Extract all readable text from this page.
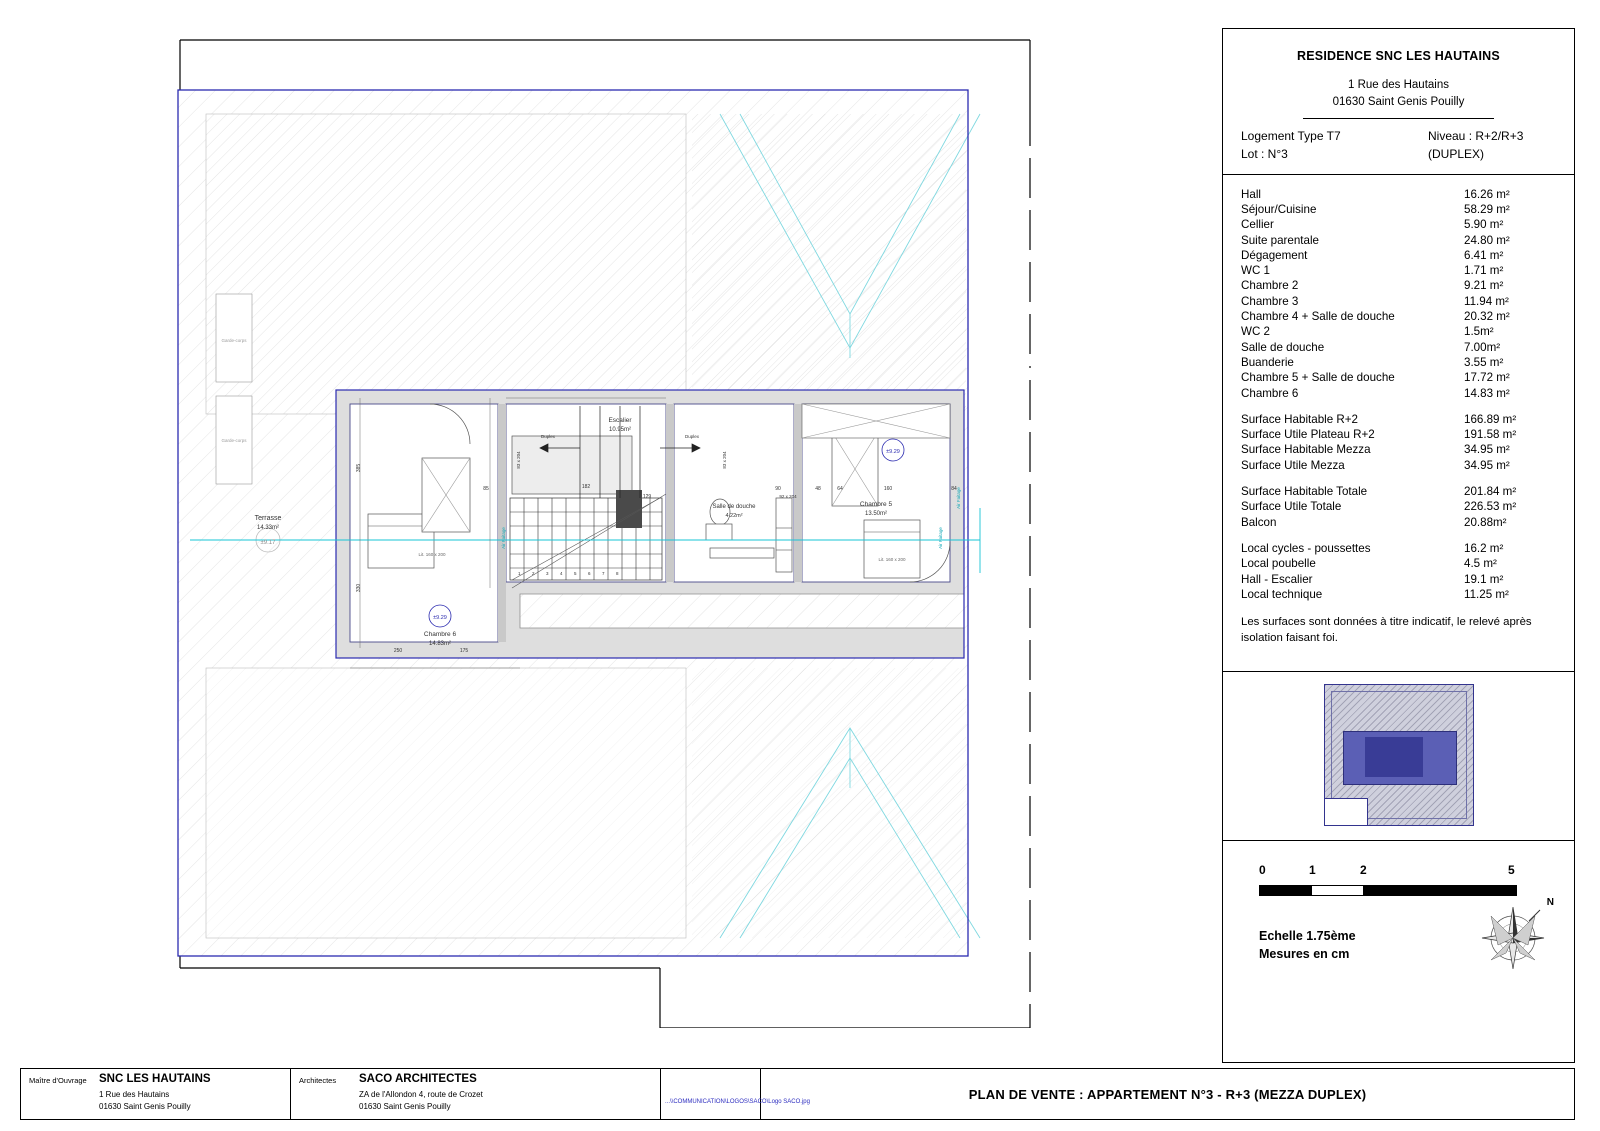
Terrasse
14.33m²
±9.17
Garde-corps
Garde-corps
Escalier
10.95m²
Duplex	Duplex
Salle de douche
4.22m²
Chambre 5
13.50m²
±9.29
Lit. 160 x 200
Chambre 6
14.83m²
±9.29
Lit. 160 x 200
Air Faitage	Air Faitage
Air Faitage
92 x 204
83 x 204	83 x 204
182
129
90	48	64	160	84
85
385
330
250	175
1	2	3	4	5	6	7	8
RESIDENCE SNC LES HAUTAINS
1 Rue des Hautains
01630 Saint Genis Pouilly
Logement Type T7	Niveau : R+2/R+3
Lot : N°3	(DUPLEX)
Hall	16.26 m²
Séjour/Cuisine	58.29 m²
Cellier	5.90 m²
Suite parentale	24.80 m²
Dégagement	6.41 m²
WC 1	1.71 m²
Chambre 2	9.21 m²
Chambre 3	11.94 m²
Chambre 4 + Salle de douche	20.32 m²
WC 2	1.5m²
Salle de douche	7.00m²
Buanderie	3.55 m²
Chambre 5 + Salle de douche	17.72 m²
Chambre 6	14.83 m²
Surface Habitable R+2	166.89 m²
Surface Utile Plateau R+2	191.58 m²
Surface Habitable Mezza	34.95 m²
Surface Utile Mezza	34.95 m²
Surface Habitable Totale	201.84 m²
Surface Utile Totale	226.53 m²
Balcon	20.88m²
Local cycles - poussettes	16.2 m²
Local poubelle	4.5 m²
Hall - Escalier	19.1 m²
Local technique	11.25 m²
Les surfaces sont données à titre indicatif, le relevé après isolation faisant foi.
0	1	2	5
Echelle 1.75ème
Mesures en cm
N
Maître d'Ouvrage SNC LES HAUTAINS
1 Rue des Hautains
01630 Saint Genis Pouilly
Architectes SACO ARCHITECTES
ZA de l'Allondon 4, route de Crozet
01630 Saint Genis Pouilly	...\\COMMUNICATION\LOGOS\SACO\Logo SACO.jpg
PLAN DE VENTE : APPARTEMENT N°3 - R+3 (MEZZA DUPLEX)
